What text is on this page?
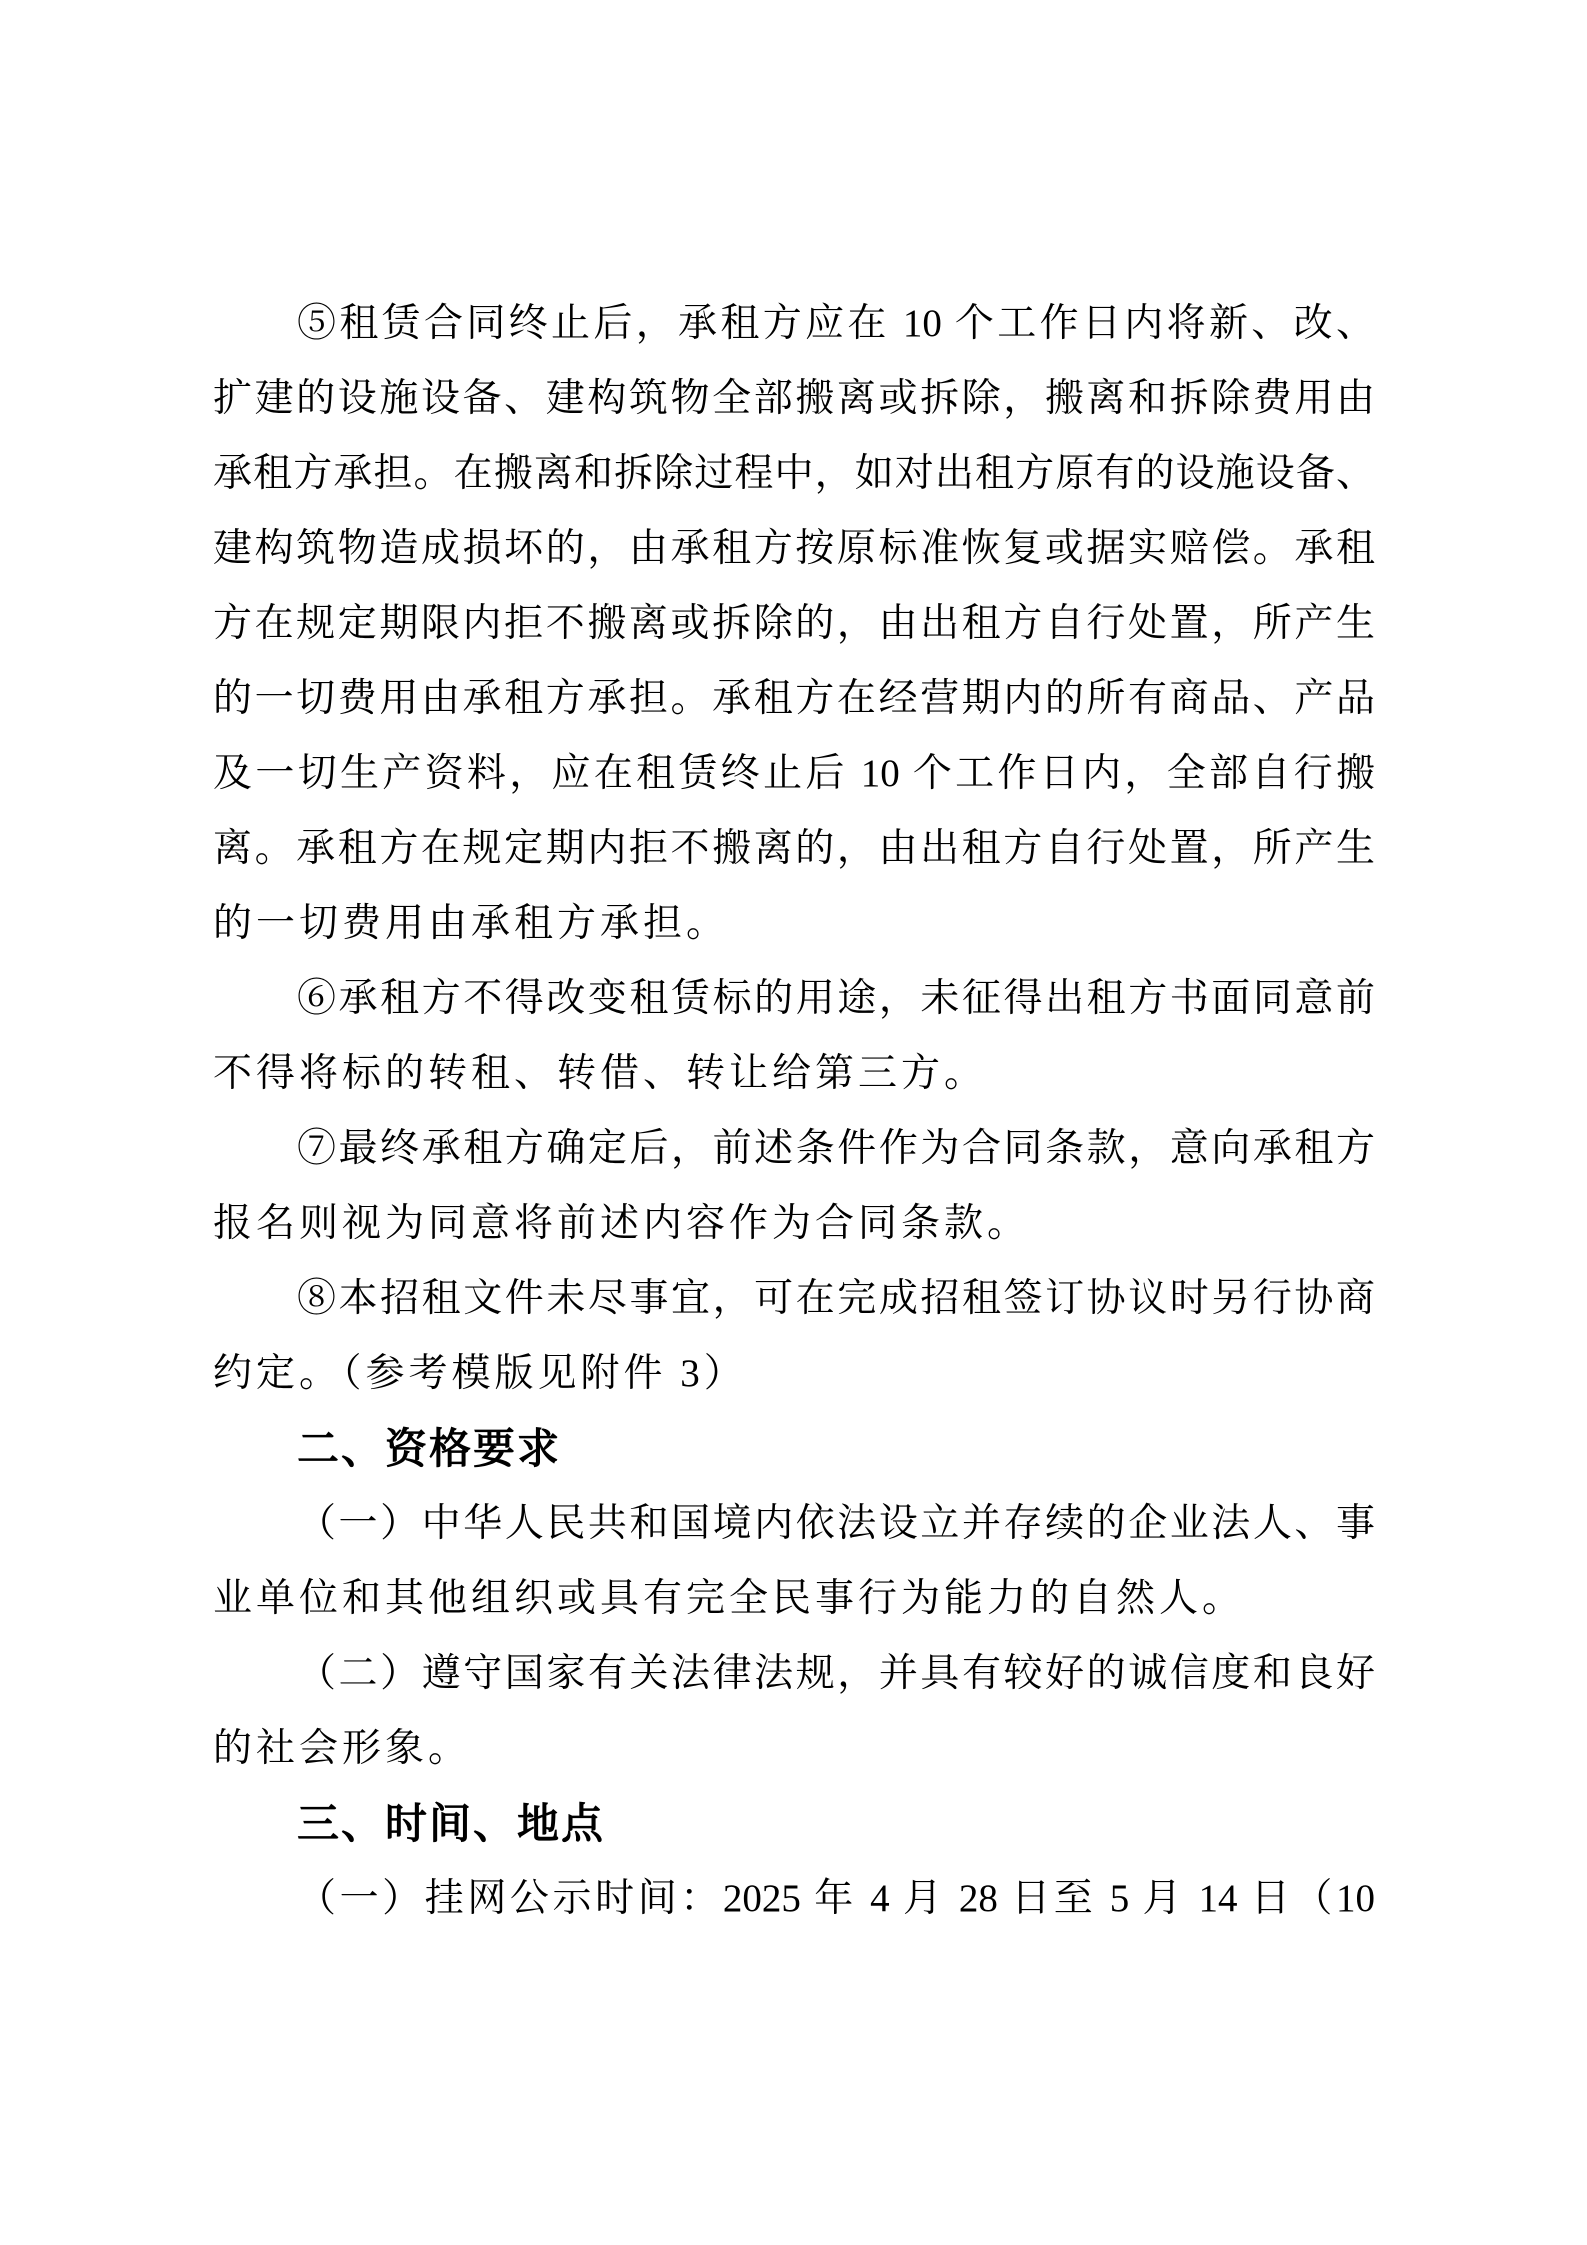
⑤租赁合同终止后，承租方应在 10 个工作日内将新、改、
扩建的设施设备、建构筑物全部搬离或拆除，搬离和拆除费用由
承租方承担。在搬离和拆除过程中，如对出租方原有的设施设备、
建构筑物造成损坏的，由承租方按原标准恢复或据实赔偿。承租
方在规定期限内拒不搬离或拆除的，由出租方自行处置，所产生
的一切费用由承租方承担。承租方在经营期内的所有商品、产品
及一切生产资料，应在租赁终止后 10 个工作日内，全部自行搬
离。承租方在规定期内拒不搬离的，由出租方自行处置，所产生
的一切费用由承租方承担。
⑥承租方不得改变租赁标的用途，未征得出租方书面同意前
不得将标的转租、转借、转让给第三方。
⑦最终承租方确定后，前述条件作为合同条款，意向承租方
报名则视为同意将前述内容作为合同条款。
⑧本招租文件未尽事宜，可在完成招租签订协议时另行协商
约定。（参考模版见附件 3）
二、资格要求
（一）中华人民共和国境内依法设立并存续的企业法人、事
业单位和其他组织或具有完全民事行为能力的自然人。
（二）遵守国家有关法律法规，并具有较好的诚信度和良好
的社会形象。
三、时间、地点
（一）挂网公示时间：2025 年 4 月 28 日至 5 月 14 日（10
